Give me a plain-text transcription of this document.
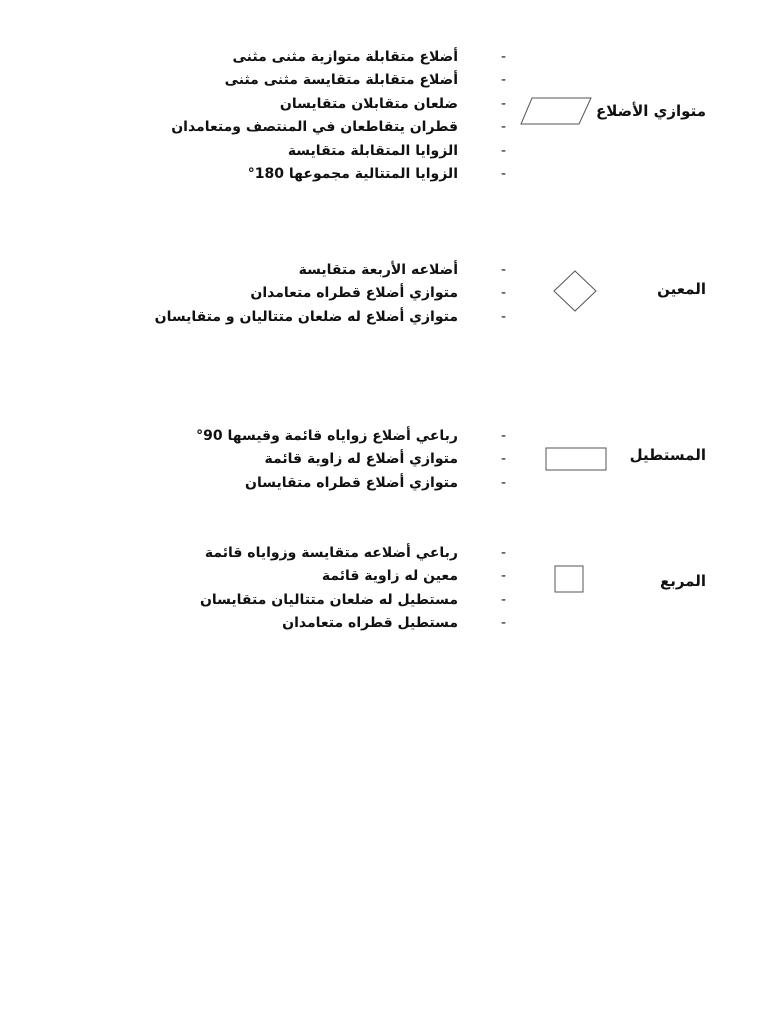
متوازي الأضلاع
-
أضلاع متقابلة متوازية مثنى مثنى
-
أضلاع متقابلة متقايسة مثنى مثنى
-
ضلعان متقابلان متقايسان
-
قطران يتقاطعان في المنتصف ومتعامدان
-
الزوايا المتقابلة متقايسة
-
الزوايا المتتالية مجموعها 180°
المعين
-
أضلاعه الأربعة متقايسة
-
متوازي أضلاع قطراه متعامدان
-
متوازي أضلاع له ضلعان متتاليان و متقايسان
المستطيل
-
رباعي أضلاع زواياه قائمة وقيسها 90°
-
متوازي أضلاع له زاوية قائمة
-
متوازي أضلاع قطراه متقايسان
المربع
-
رباعي أضلاعه متقايسة وزواياه قائمة
-
معين له زاوية قائمة
-
مستطيل له ضلعان متتاليان متقايسان
-
مستطيل قطراه متعامدان
